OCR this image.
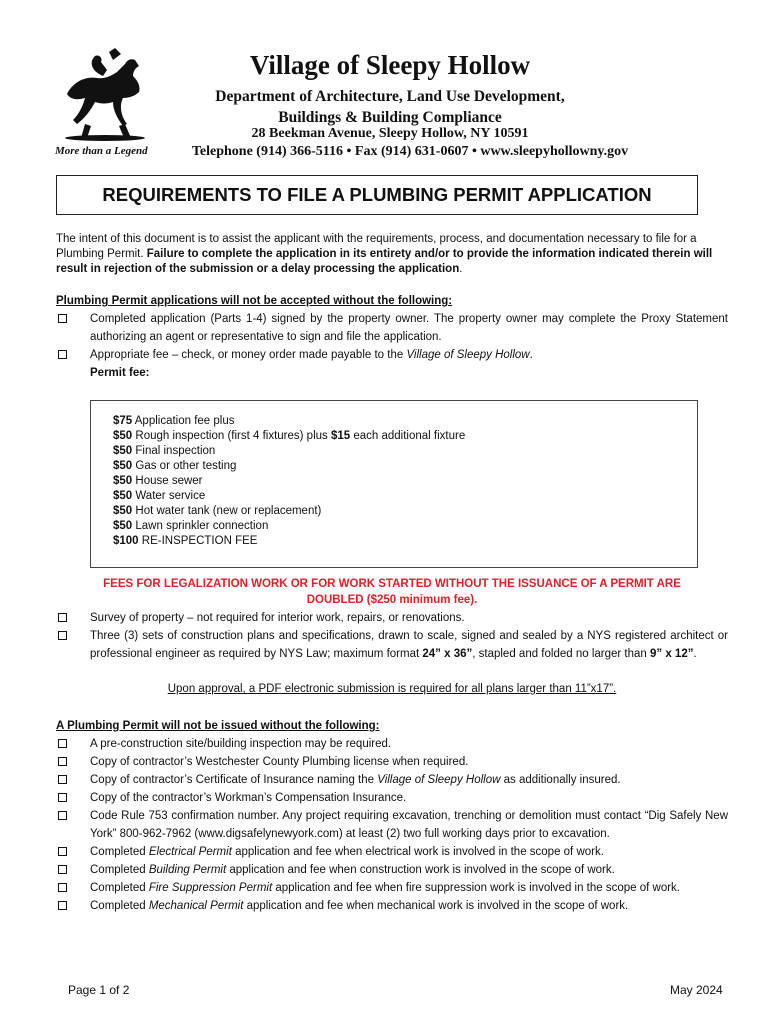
More than a Legend
Village of Sleepy Hollow
Department of Architecture, Land Use Development,
Buildings & Building Compliance
28 Beekman Avenue, Sleepy Hollow, NY 10591
Telephone (914) 366-5116 • Fax (914) 631-0607 • www.sleepyhollowny.gov
REQUIREMENTS TO FILE A PLUMBING PERMIT APPLICATION
The intent of this document is to assist the applicant with the requirements, process, and documentation necessary to file for a Plumbing Permit. Failure to complete the application in its entirety and/or to provide the information indicated therein will result in rejection of the submission or a delay processing the application.
Plumbing Permit applications will not be accepted without the following:
Completed application (Parts 1-4) signed by the property owner. The property owner may complete the Proxy Statement authorizing an agent or representative to sign and file the application.
Appropriate fee – check, or money order made payable to the Village of Sleepy Hollow.
Permit fee:
$75 Application fee plus
$50 Rough inspection (first 4 fixtures) plus $15 each additional fixture
$50 Final inspection
$50 Gas or other testing
$50 House sewer
$50 Water service
$50 Hot water tank (new or replacement)
$50 Lawn sprinkler connection
$100 RE-INSPECTION FEE
FEES FOR LEGALIZATION WORK OR FOR WORK STARTED WITHOUT THE ISSUANCE OF A PERMIT ARE
DOUBLED ($250 minimum fee).
Survey of property – not required for interior work, repairs, or renovations.
Three (3) sets of construction plans and specifications, drawn to scale, signed and sealed by a NYS registered architect or professional engineer as required by NYS Law; maximum format 24” x 36”, stapled and folded no larger than 9” x 12”.
Upon approval, a PDF electronic submission is required for all plans larger than 11”x17”.
A Plumbing Permit will not be issued without the following:
A pre-construction site/building inspection may be required.
Copy of contractor’s Westchester County Plumbing license when required.
Copy of contractor’s Certificate of Insurance naming the Village of Sleepy Hollow as additionally insured.
Copy of the contractor’s Workman’s Compensation Insurance.
Code Rule 753 confirmation number. Any project requiring excavation, trenching or demolition must contact “Dig Safely New York” 800-962-7962 (www.digsafelynewyork.com) at least (2) two full working days prior to excavation.
Completed Electrical Permit application and fee when electrical work is involved in the scope of work.
Completed Building Permit application and fee when construction work is involved in the scope of work.
Completed Fire Suppression Permit application and fee when fire suppression work is involved in the scope of work.
Completed Mechanical Permit application and fee when mechanical work is involved in the scope of work.
Page 1 of 2	May 2024
